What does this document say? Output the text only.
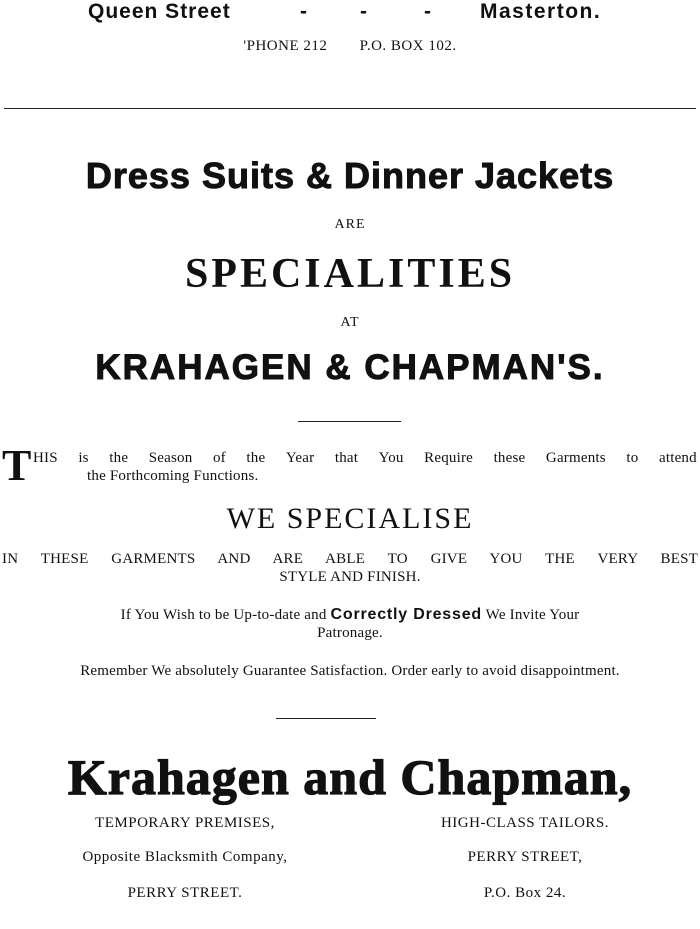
Queen Street	-	-	- Masterton.
'PHONE 212 P.O. BOX 102.
Dress Suits & Dinner Jackets
ARE
SPECIALITIES
AT
KRAHAGEN & CHAPMAN'S.
T HIS is the Season of the Year that You Require these Garments to attend
the Forthcoming Functions.
WE SPECIALISE
IN THESE GARMENTS AND ARE ABLE TO GIVE YOU THE VERY BEST
STYLE AND FINISH.
If You Wish to be Up-to-date and Correctly Dressed We Invite Your
Patronage.
Remember We absolutely Guarantee Satisfaction. Order early to avoid disappointment.
Krahagen and Chapman,
TEMPORARY PREMISES,
Opposite Blacksmith Company,
PERRY STREET.
HIGH-CLASS TAILORS.
PERRY STREET,
P.O. Box 24.
